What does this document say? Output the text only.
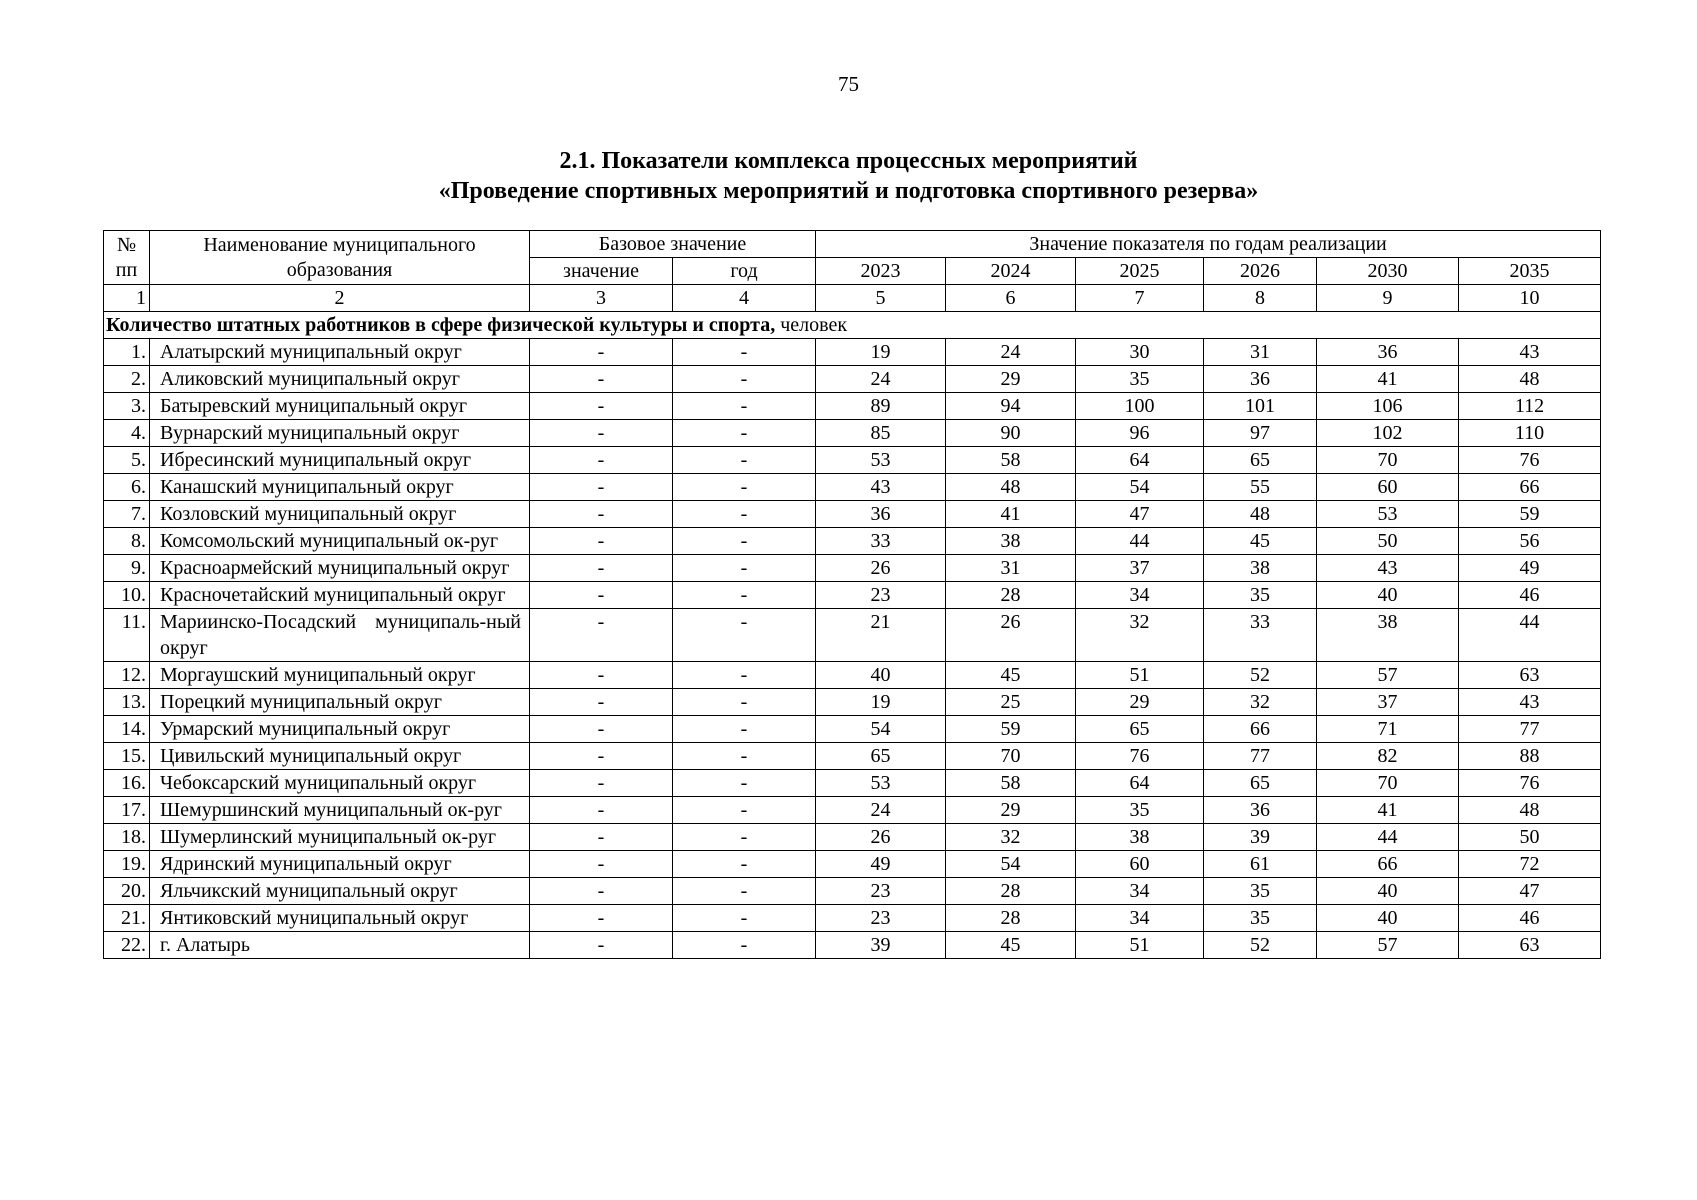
75
2.1. Показатели комплекса процессных мероприятий
«Проведение спортивных мероприятий и подготовка спортивного резерва»
№ пп	Наименование муниципального образования	Базовое значение		Значение показателя по годам реализации					
		значение	год	2023	2024	2025	2026	2030	2035
1	2	3	4	5	6	7	8	9	10
Количество штатных работников в сфере физической культуры и спорта, человек									
1.	Алатырский муниципальный округ	-	-	19	24	30	31	36	43
2.	Аликовский муниципальный округ	-	-	24	29	35	36	41	48
3.	Батыревский муниципальный округ	-	-	89	94	100	101	106	112
4.	Вурнарский муниципальный округ	-	-	85	90	96	97	102	110
5.	Ибресинский муниципальный округ	-	-	53	58	64	65	70	76
6.	Канашский муниципальный округ	-	-	43	48	54	55	60	66
7.	Козловский муниципальный округ	-	-	36	41	47	48	53	59
8.	Комсомольский муниципальный ок-руг	-	-	33	38	44	45	50	56
9.	Красноармейский муниципальный округ	-	-	26	31	37	38	43	49
10.	Красночетайский муниципальный округ	-	-	23	28	34	35	40	46
11.	Мариинско-Посадский муниципаль-ный округ	-	-	21	26	32	33	38	44
12.	Моргаушский муниципальный округ	-	-	40	45	51	52	57	63
13.	Порецкий муниципальный округ	-	-	19	25	29	32	37	43
14.	Урмарский муниципальный округ	-	-	54	59	65	66	71	77
15.	Цивильский муниципальный округ	-	-	65	70	76	77	82	88
16.	Чебоксарский муниципальный округ	-	-	53	58	64	65	70	76
17.	Шемуршинский муниципальный ок-руг	-	-	24	29	35	36	41	48
18.	Шумерлинский муниципальный ок-руг	-	-	26	32	38	39	44	50
19.	Ядринский муниципальный округ	-	-	49	54	60	61	66	72
20.	Яльчикский муниципальный округ	-	-	23	28	34	35	40	47
21.	Янтиковский муниципальный округ	-	-	23	28	34	35	40	46
22.	г. Алатырь	-	-	39	45	51	52	57	63
